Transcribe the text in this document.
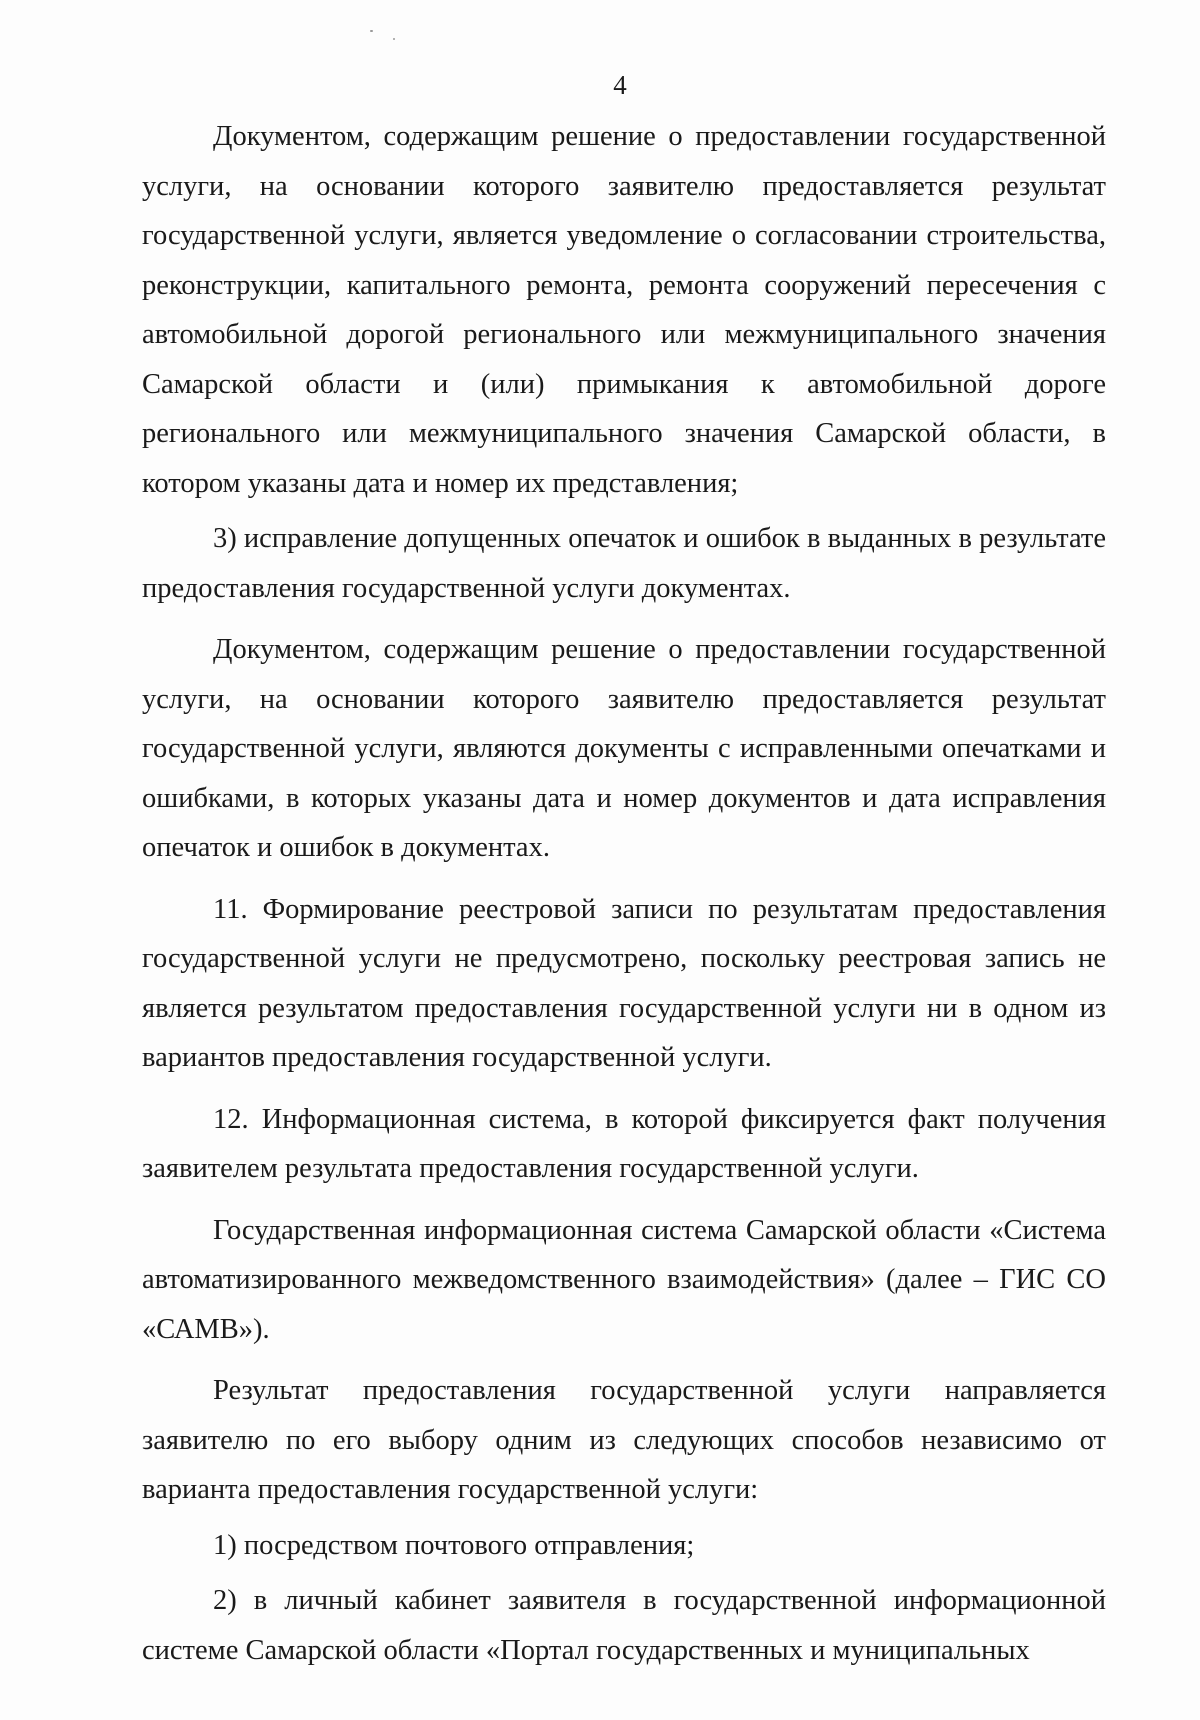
4

Документом, содержащим решение о предоставлении государственной услуги, на основании которого заявителю предоставляется результат государственной услуги, является уведомление о согласовании строительства, реконструкции, капитального ремонта, ремонта сооружений пересечения с автомобильной дорогой регионального или межмуниципального значения Самарской области и (или) примыкания к автомобильной дороге регионального или межмуниципального значения Самарской области, в котором указаны дата и номер их представления;

3) исправление допущенных опечаток и ошибок в выданных в результате предоставления государственной услуги документах.

Документом, содержащим решение о предоставлении государственной услуги, на основании которого заявителю предоставляется результат государственной услуги, являются документы с исправленными опечатками и ошибками, в которых указаны дата и номер документов и дата исправления опечаток и ошибок в документах.

11. Формирование реестровой записи по результатам предоставления государственной услуги не предусмотрено, поскольку реестровая запись не является результатом предоставления государственной услуги ни в одном из вариантов предоставления государственной услуги.

12. Информационная система, в которой фиксируется факт получения заявителем результата предоставления государственной услуги.

Государственная информационная система Самарской области «Система автоматизированного межведомственного взаимодействия» (далее – ГИС СО «САМВ»).

Результат предоставления государственной услуги направляется заявителю по его выбору одним из следующих способов независимо от варианта предоставления государственной услуги:

1) посредством почтового отправления;

2) в личный кабинет заявителя в государственной информационной системе Самарской области «Портал государственных и муниципальных
